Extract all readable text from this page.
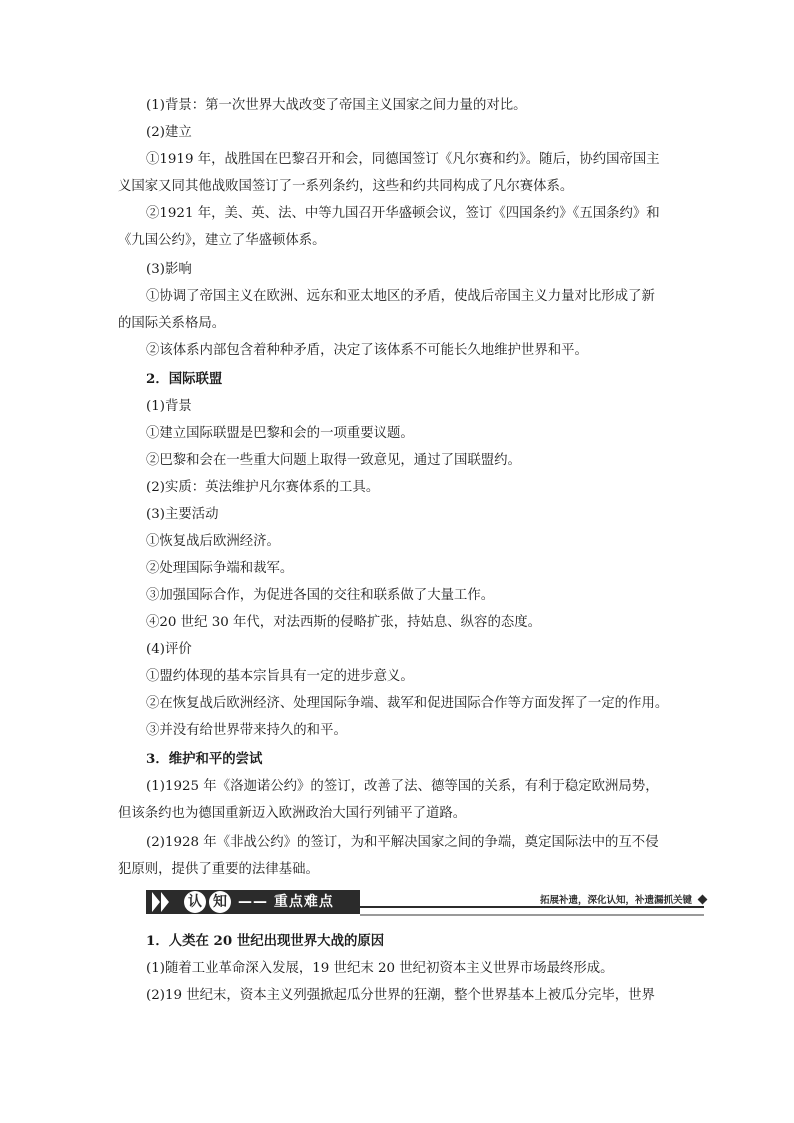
(1)背景：第一次世界大战改变了帝国主义国家之间力量的对比。

(2)建立

①1919 年，战胜国在巴黎召开和会，同德国签订《凡尔赛和约》。随后，协约国帝国主

义国家又同其他战败国签订了一系列条约，这些和约共同构成了凡尔赛体系。

②1921 年，美、英、法、中等九国召开华盛顿会议，签订《四国条约》《五国条约》和

《九国公约》，建立了华盛顿体系。

(3)影响

①协调了帝国主义在欧洲、远东和亚太地区的矛盾，使战后帝国主义力量对比形成了新

的国际关系格局。

②该体系内部包含着种种矛盾，决定了该体系不可能长久地维护世界和平。

2．国际联盟

(1)背景

①建立国际联盟是巴黎和会的一项重要议题。

②巴黎和会在一些重大问题上取得一致意见，通过了国联盟约。

(2)实质：英法维护凡尔赛体系的工具。

(3)主要活动

①恢复战后欧洲经济。

②处理国际争端和裁军。

③加强国际合作，为促进各国的交往和联系做了大量工作。

④20 世纪 30 年代，对法西斯的侵略扩张，持姑息、纵容的态度。

(4)评价

①盟约体现的基本宗旨具有一定的进步意义。

②在恢复战后欧洲经济、处理国际争端、裁军和促进国际合作等方面发挥了一定的作用。

③并没有给世界带来持久的和平。

3．维护和平的尝试

(1)1925 年《洛迦诺公约》的签订，改善了法、德等国的关系，有利于稳定欧洲局势，

但该条约也为德国重新迈入欧洲政治大国行列铺平了道路。

(2)1928 年《非战公约》的签订，为和平解决国家之间的争端，奠定国际法中的互不侵

犯原则，提供了重要的法律基础。

认 知 —— 重点难点	拓展补遗，深化认知，补遗漏抓关键

1．人类在 20 世纪出现世界大战的原因

(1)随着工业革命深入发展，19 世纪末 20 世纪初资本主义世界市场最终形成。

(2)19 世纪末，资本主义列强掀起瓜分世界的狂潮，整个世界基本上被瓜分完毕，世界
